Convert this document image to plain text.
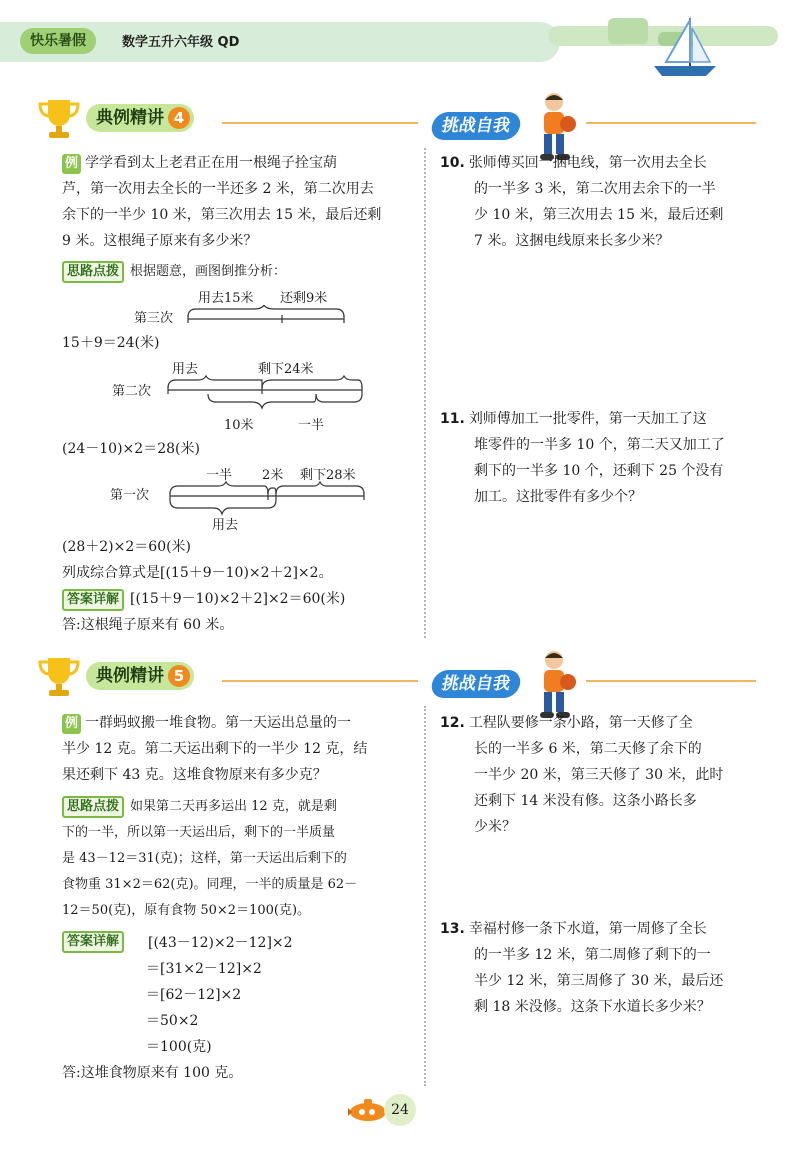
快乐暑假	数学五升六年级 QD
典例精讲 4	挑战自我
例 学学看到太上老君正在用一根绳子拴宝葫
芦，第一次用去全长的一半还多 2 米，第二次用去
余下的一半少 10 米，第三次用去 15 米，最后还剩
9 米。这根绳子原来有多少米？
思路点拨 根据题意，画图倒推分析：
用去15米 还剩9米
第三次
15＋9＝24(米)
用去	剩下24米
第二次
10米	一半
(24－10)×2＝28(米)
一半 2米 剩下28米
第一次
用去
(28＋2)×2＝60(米)
列成综合算式是[(15＋9－10)×2＋2]×2。
答案详解 [(15＋9－10)×2＋2]×2＝60(米)
答:这根绳子原来有 60 米。
10. 张师傅买回一捆电线，第一次用去全长
的一半多 3 米，第二次用去余下的一半
少 10 米，第三次用去 15 米，最后还剩
7 米。这捆电线原来长多少米？
11. 刘师傅加工一批零件，第一天加工了这
堆零件的一半多 10 个，第二天又加工了
剩下的一半多 10 个，还剩下 25 个没有
加工。这批零件有多少个？
典例精讲 5	挑战自我
例 一群蚂蚁搬一堆食物。第一天运出总量的一
半少 12 克。第二天运出剩下的一半少 12 克，结
果还剩下 43 克。这堆食物原来有多少克？
思路点拨 如果第二天再多运出 12 克，就是剩
下的一半，所以第一天运出后，剩下的一半质量
是 43－12＝31(克)；这样，第一天运出后剩下的
食物重 31×2＝62(克)。同理，一半的质量是 62－
12＝50(克)，原有食物 50×2＝100(克)。
答案详解	[(43－12)×2－12]×2
＝[31×2－12]×2
＝[62－12]×2
＝50×2
＝100(克)
答:这堆食物原来有 100 克。
12. 工程队要修一条小路，第一天修了全
长的一半多 6 米，第二天修了余下的
一半少 20 米，第三天修了 30 米，此时
还剩下 14 米没有修。这条小路长多
少米？
13. 幸福村修一条下水道，第一周修了全长
的一半多 12 米，第二周修了剩下的一
半少 12 米，第三周修了 30 米，最后还
剩 18 米没修。这条下水道长多少米？
24
